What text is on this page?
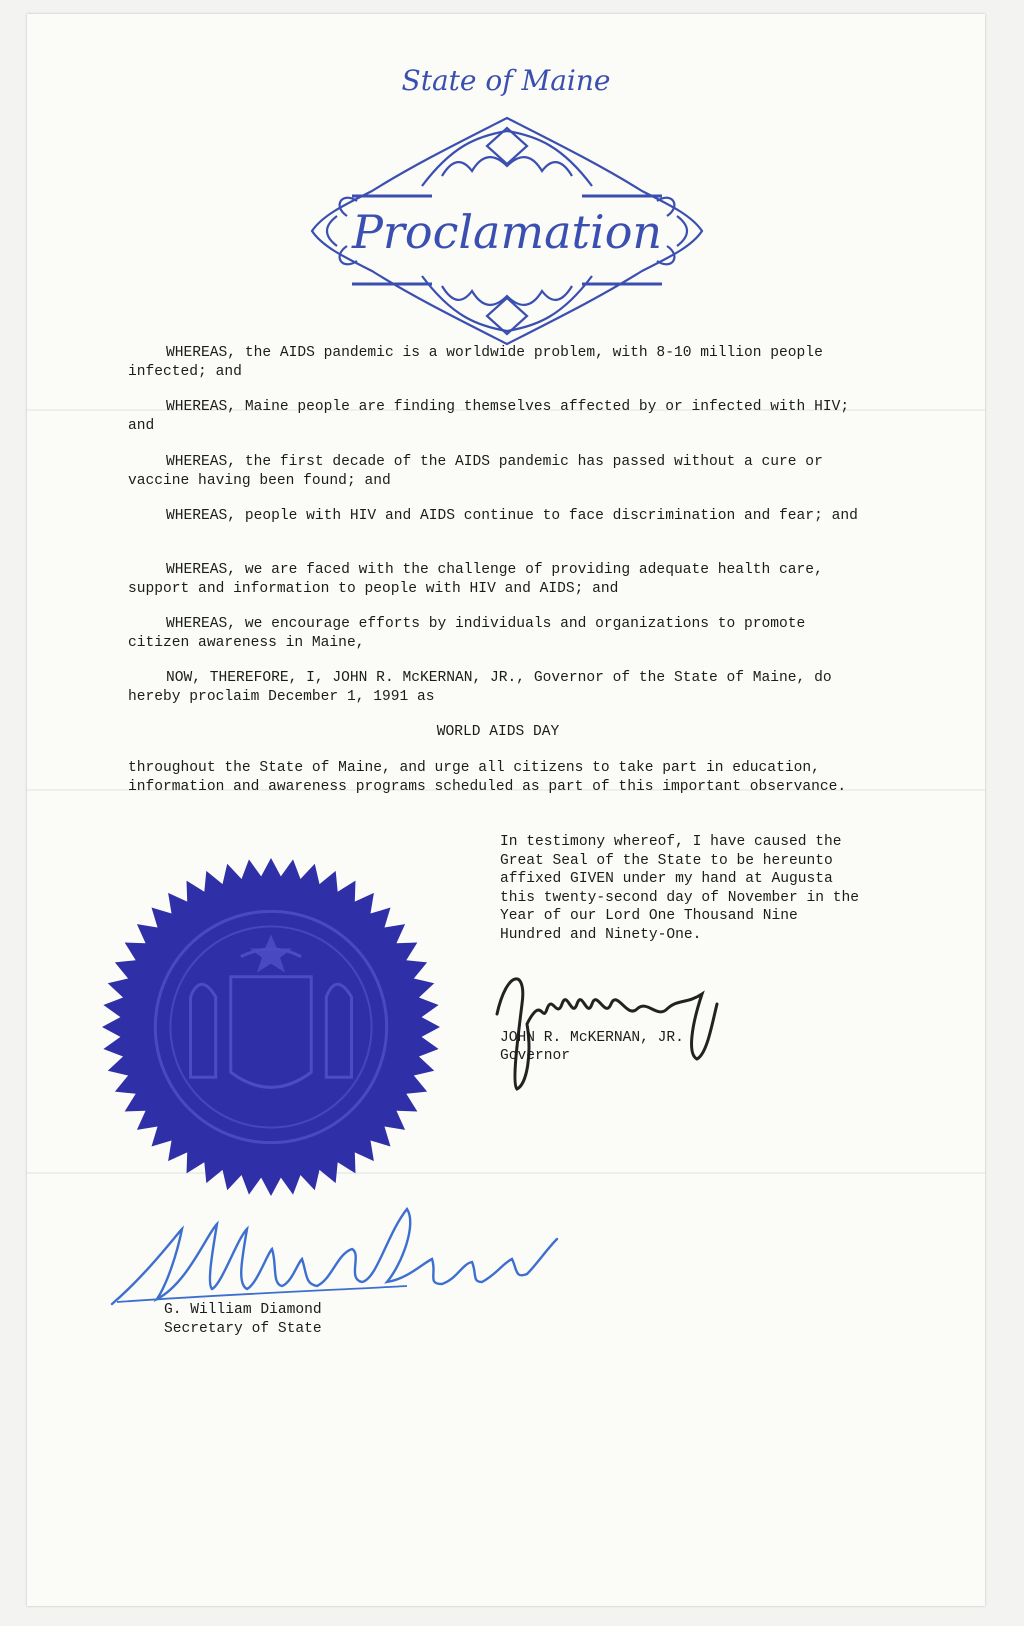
State of Maine
Proclamation

WHEREAS, the AIDS pandemic is a worldwide problem, with 8-10 million people infected; and

WHEREAS, Maine people are finding themselves affected by or infected with HIV; and

WHEREAS, the first decade of the AIDS pandemic has passed without a cure or vaccine having been found; and

WHEREAS, people with HIV and AIDS continue to face discrimination and fear; and

WHEREAS, we are faced with the challenge of providing adequate health care, support and information to people with HIV and AIDS; and

WHEREAS, we encourage efforts by individuals and organizations to promote citizen awareness in Maine,

NOW, THEREFORE, I, JOHN R. McKERNAN, JR., Governor of the State of Maine, do hereby proclaim December 1, 1991 as

WORLD AIDS DAY

throughout the State of Maine, and urge all citizens to take part in education, information and awareness programs scheduled as part of this important observance.

In testimony whereof, I have caused the Great Seal of the State to be hereunto affixed GIVEN under my hand at Augusta this twenty-second day of November in the Year of our Lord One Thousand Nine Hundred and Ninety-One.

JOHN R. McKERNAN, JR.
Governor
G. William Diamond
Secretary of State
